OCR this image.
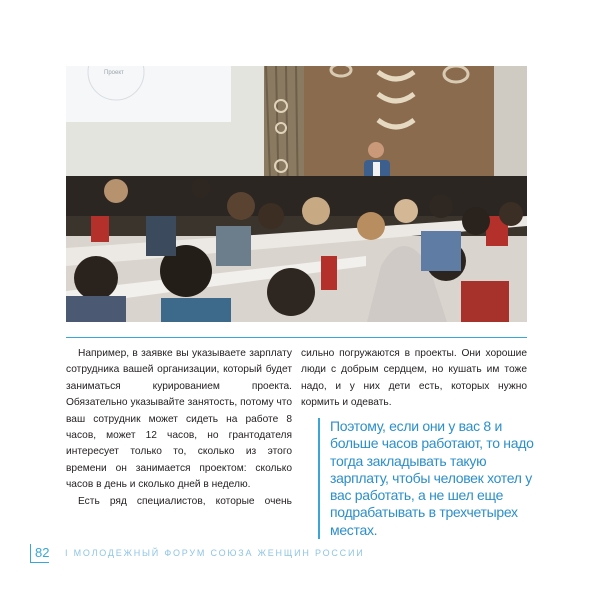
Проект

Например, в заявке вы указываете зарплату сотрудника вашей организации, который будет заниматься курированием проекта. Обязательно указывайте занятость, потому что ваш сотрудник может сидеть на работе 8 часов, может 12 часов, но грантодателя интересует только то, сколько из этого времени он занимается проектом: сколько часов в день и сколько дней в неделю.

Есть ряд специалистов, которые очень

сильно погружаются в проекты. Они хорошие люди с добрым сердцем, но кушать им тоже надо, и у них дети есть, которых нужно кормить и одевать.

Поэтому, если они у вас 8 и больше часов работают, то надо тогда закладывать такую зарплату, чтобы человек хотел у вас работать, а не шел еще подрабатывать в трехчетырех местах.
82 I МОЛОДЕЖНЫЙ ФОРУМ СОЮЗА ЖЕНЩИН РОССИИ
